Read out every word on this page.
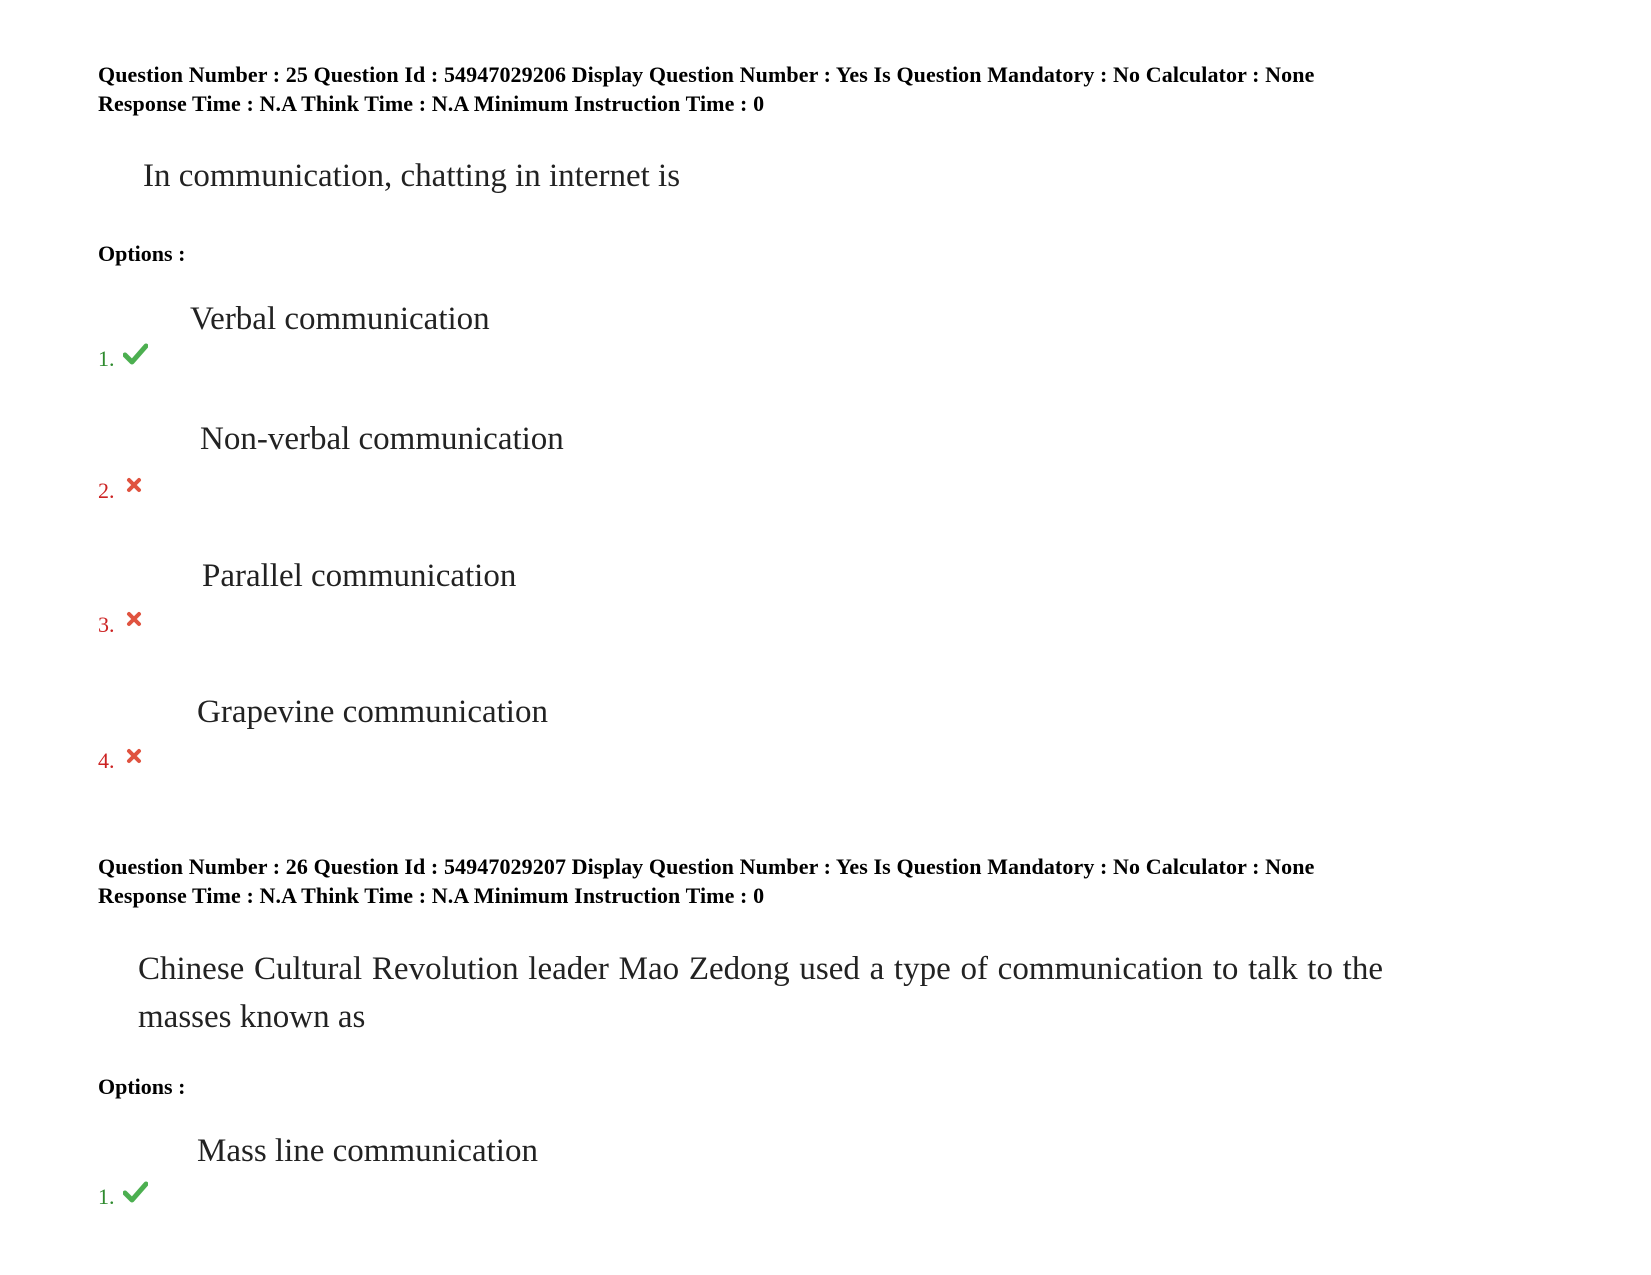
Question Number : 25 Question Id : 54947029206 Display Question Number : Yes Is Question Mandatory : No Calculator : None
Response Time : N.A Think Time : N.A Minimum Instruction Time : 0
In communication, chatting in internet is
Options :
Verbal communication
1.
Non-verbal communication
2.
Parallel communication
3.
Grapevine communication
4.
Question Number : 26 Question Id : 54947029207 Display Question Number : Yes Is Question Mandatory : No Calculator : None
Response Time : N.A Think Time : N.A Minimum Instruction Time : 0
Chinese Cultural Revolution leader Mao Zedong used a type of communication to talk to the masses known as
Options :
Mass line communication
1.
